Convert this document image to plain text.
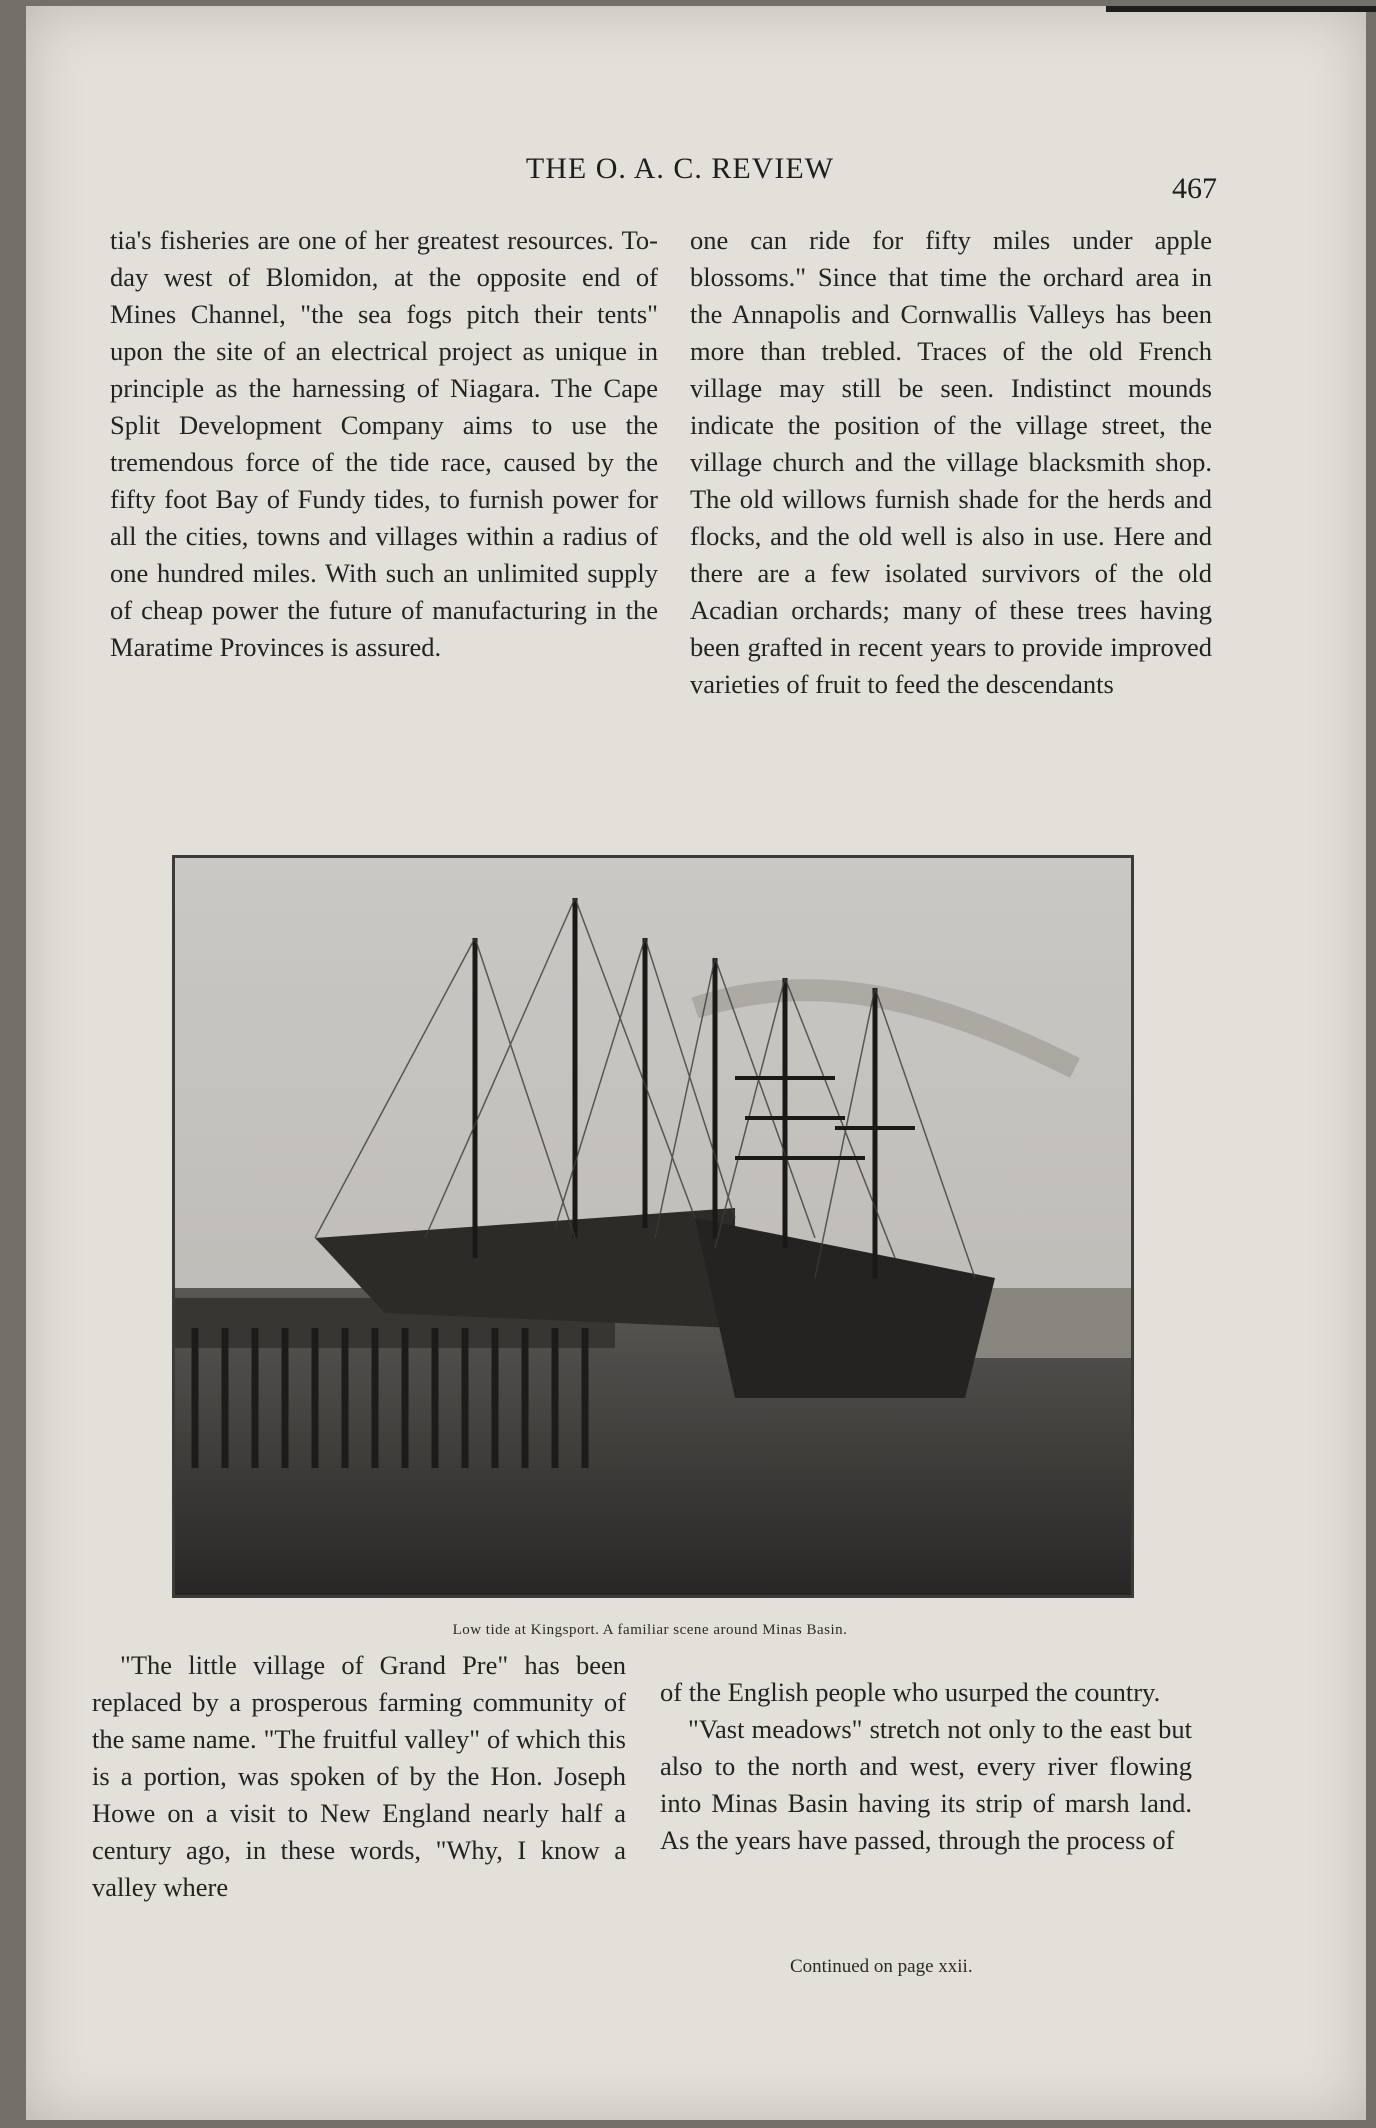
THE O. A. C. REVIEW
467

tia's fisheries are one of her greatest resources. To-day west of Blomidon, at the opposite end of Mines Channel, "the sea fogs pitch their tents" upon the site of an electrical project as unique in principle as the harnessing of Niagara. The Cape Split Development Company aims to use the tremendous force of the tide race, caused by the fifty foot Bay of Fundy tides, to furnish power for all the cities, towns and villages within a radius of one hundred miles. With such an unlimited supply of cheap power the future of manufacturing in the Maratime Provinces is assured.

one can ride for fifty miles under apple blossoms." Since that time the orchard area in the Annapolis and Cornwallis Valleys has been more than trebled. Traces of the old French village may still be seen. Indistinct mounds indicate the position of the village street, the village church and the village blacksmith shop. The old willows furnish shade for the herds and flocks, and the old well is also in use. Here and there are a few isolated survivors of the old Acadian orchards; many of these trees having been grafted in recent years to provide improved varieties of fruit to feed the descendants

Low tide at Kingsport. A familiar scene around Minas Basin.

"The little village of Grand Pre" has been replaced by a prosperous farming community of the same name. "The fruitful valley" of which this is a portion, was spoken of by the Hon. Joseph Howe on a visit to New England nearly half a century ago, in these words, "Why, I know a valley where

of the English people who usurped the country.

"Vast meadows" stretch not only to the east but also to the north and west, every river flowing into Minas Basin having its strip of marsh land. As the years have passed, through the process of

Continued on page xxii.
